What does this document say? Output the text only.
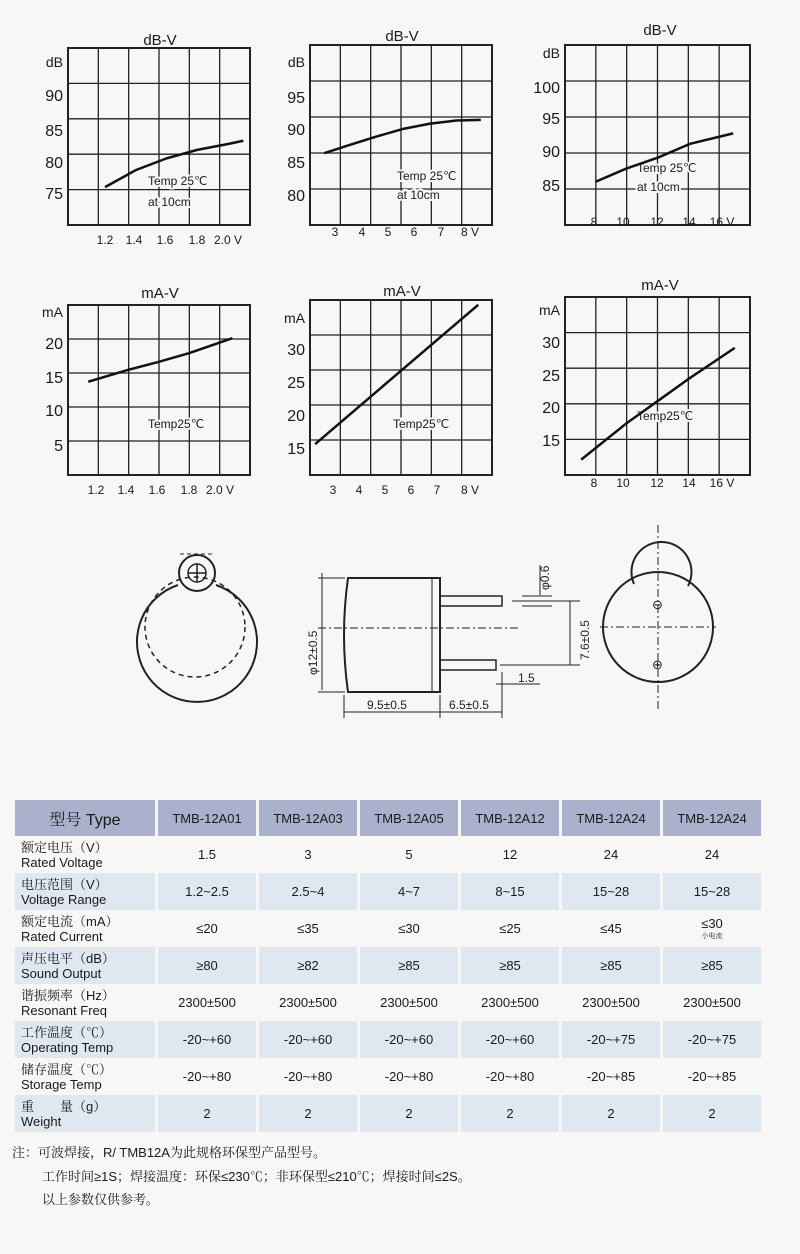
dB-V
dB
90
85
80
75
1.2 1.4 1.6 1.8 2.0 V
Temp 25℃
at 10cm
dB-V
dB
95
90
85
80
3 4 5 6 7 8 V
Temp 25℃
at 10cm
dB-V
dB
100
95
90
85
8 10 12 14 16 V
Temp 25℃
at 10cm
mA-V
mA
20
15
10
5
1.2 1.4 1.6 1.8 2.0 V
Temp25℃
mA-V
mA
30
25
20
15
3 4 5 6 7 8 V
Temp25℃
mA-V
mA
30
25
20
15
8 10 12 14 16 V
Temp25℃
φ12±0.5
9.5±0.5	6.5±0.5
1.5
7.6±0.5
φ0.6
⊖
⊕
型号 Type	TMB-12A01	TMB-12A03	TMB-12A05	TMB-12A12	TMB-12A24	TMB-12A24
额定电压（V）
Rated Voltage	1.5	3	5	12	24	24
电压范围（V）
Voltage Range	1.2~2.5	2.5~4	4~7	8~15	15~28	15~28
额定电流（mA）
Rated Current	≤20	≤35	≤30	≤25	≤45	≤30
小电流

声压电平（dB）
Sound Output	≥80	≥82	≥85	≥85	≥85	≥85
谐振频率（Hz）
Resonant Freq	2300±500	2300±500	2300±500	2300±500	2300±500	2300±500
工作温度（℃）
Operating Temp	-20~+60	-20~+60	-20~+60	-20~+60	-20~+75	-20~+75
储存温度（℃）
Storage Temp	-20~+80	-20~+80	-20~+80	-20~+80	-20~+85	-20~+85
重　　量（g）
Weight	2	2	2	2	2	2
注：可波焊接，R/ TMB12A为此规格环保型产品型号。
工作时间≥1S；焊接温度：环保≤230℃；非环保型≤210℃；焊接时间≤2S。
以上参数仅供参考。
